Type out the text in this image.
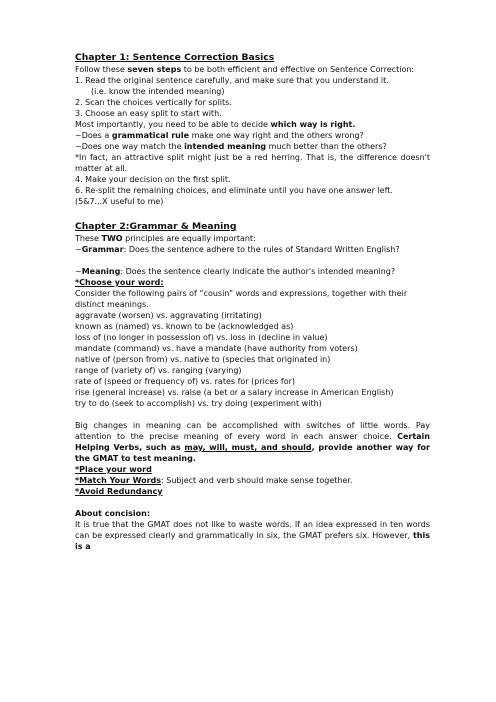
Chapter 1: Sentence Correction Basics

Follow these seven steps to be both efficient and effective on Sentence Correction:

1. Read the original sentence carefully, and make sure that you understand it.

(i.e. know the intended meaning)

2. Scan the choices vertically for splits.

3. Choose an easy split to start with.

Most importantly, you need to be able to decide which way is right.

~Does a grammatical rule make one way right and the others wrong?

~Does one way match the intended meaning much better than the others?

*In fact, an attractive split might just be a red herring. That is, the difference doesn't matter at all.

4. Make your decision on the first split.

6. Re-split the remaining choices, and eliminate until you have one answer left.

(5&7...X useful to me)

Chapter 2:Grammar & Meaning

These TWO principles are equally important:

~Grammar: Does the sentence adhere to the rules of Standard Written English?

~Meaning: Does the sentence clearly indicate the author's intended meaning?

*Choose your word:

Consider the following pairs of “cousin” words and expressions, together with their distinct meanings.

aggravate (worsen) vs. aggravating (irritating)

known as (named) vs. known to be (acknowledged as)

loss of (no longer in possession of) vs. loss in (decline in value)

mandate (command) vs. have a mandate (have authority from voters)

native of (person from) vs. native to (species that originated in)

range of (variety of) vs. ranging (varying)

rate of (speed or frequency of) vs. rates for (prices for)

rise (general increase) vs. raise (a bet or a salary increase in American English)

try to do (seek to accomplish) vs. try doing (experiment with)

Big changes in meaning can be accomplished with switches of little words. Pay attention to the precise meaning of every word in each answer choice. Certain Helping Verbs, such as may, will, must, and should, provide another way for the GMAT to test meaning.

*Place your word

*Match Your Words: Subject and verb should make sense together.

*Avoid Redundancy

About concision:

It is true that the GMAT does not like to waste words. If an idea expressed in ten words can be expressed clearly and grammatically in six, the GMAT prefers six. However, this is a
